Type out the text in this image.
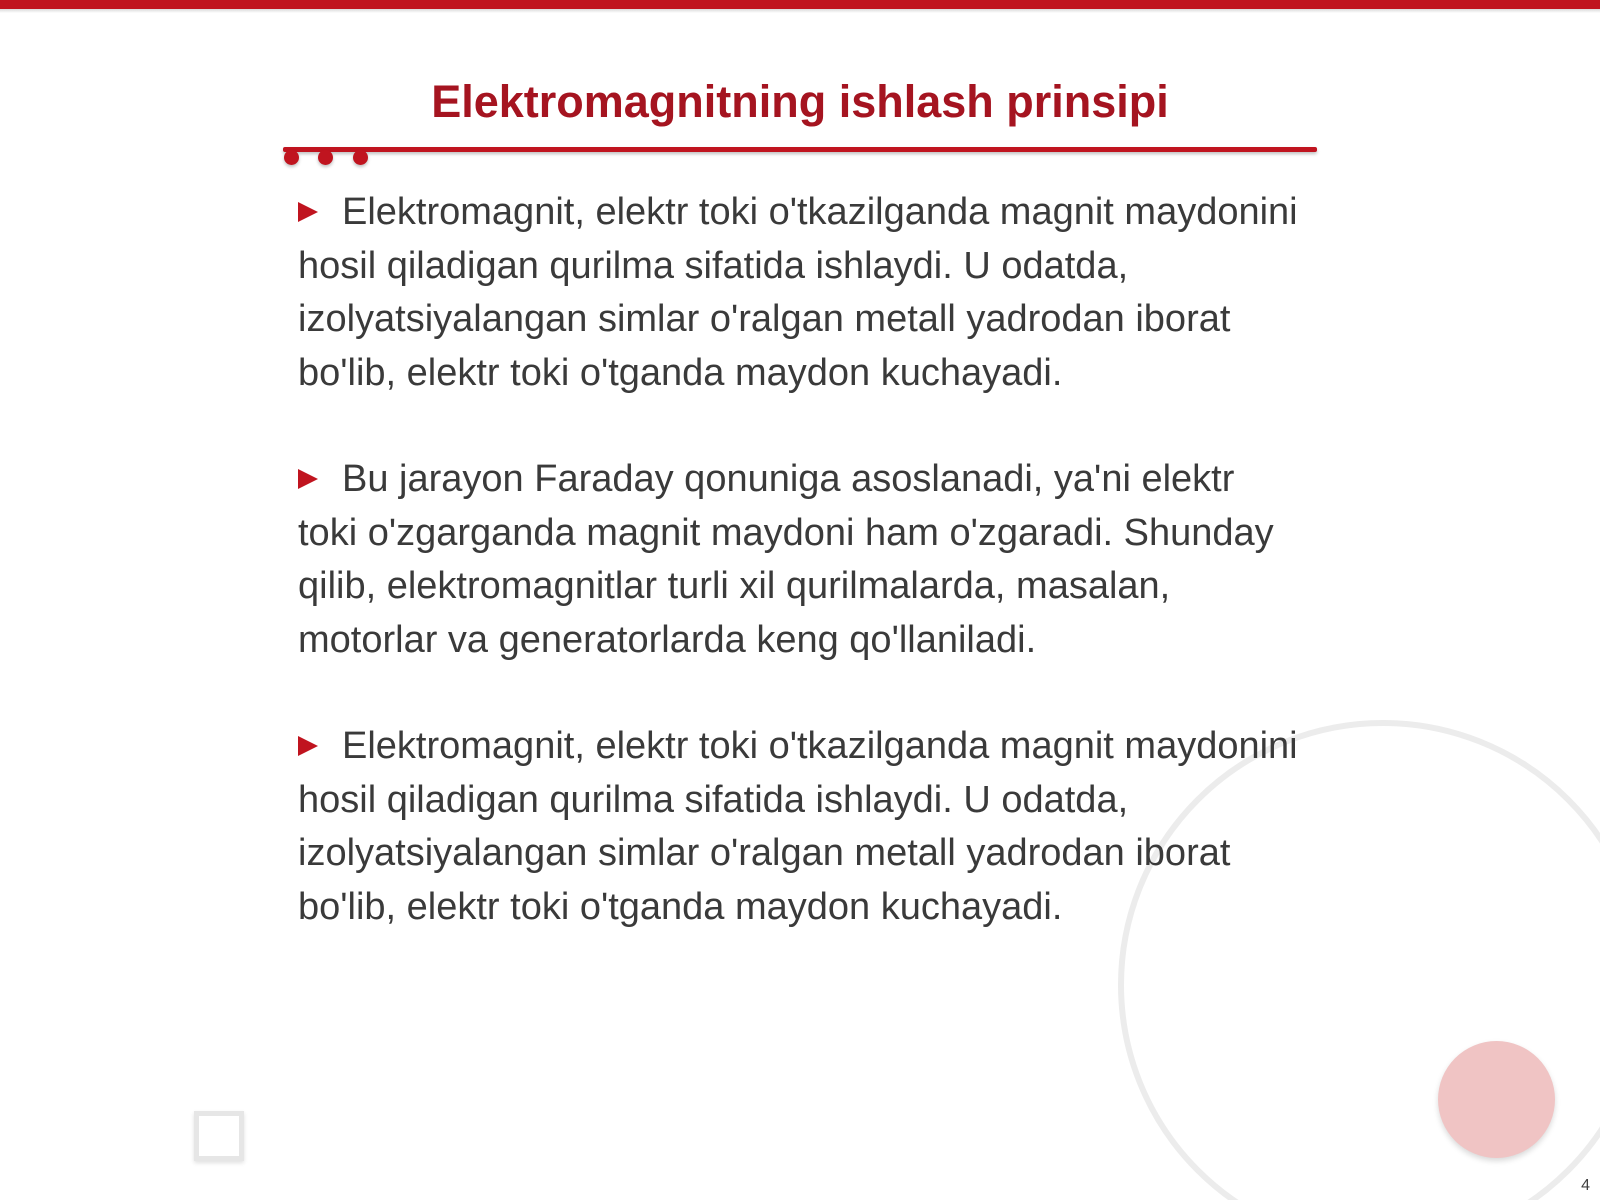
Elektromagnitning ishlash prinsipi
Elektromagnit, elektr toki o'tkazilganda magnit maydonini hosil qiladigan qurilma sifatida ishlaydi. U odatda, izolyatsiyalangan simlar o'ralgan metall yadrodan iborat bo'lib, elektr toki o'tganda maydon kuchayadi.
Bu jarayon Faraday qonuniga asoslanadi, ya'ni elektr toki o'zgarganda magnit maydoni ham o'zgaradi. Shunday qilib, elektromagnitlar turli xil qurilmalarda, masalan, motorlar va generatorlarda keng qo'llaniladi.
Elektromagnit, elektr toki o'tkazilganda magnit maydonini hosil qiladigan qurilma sifatida ishlaydi. U odatda, izolyatsiyalangan simlar o'ralgan metall yadrodan iborat bo'lib, elektr toki o'tganda maydon kuchayadi.
4
